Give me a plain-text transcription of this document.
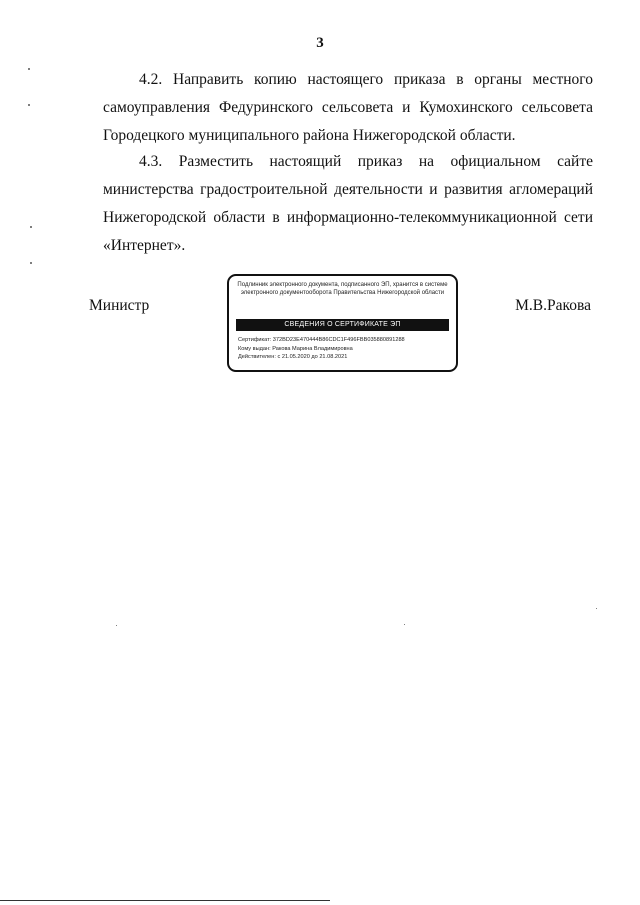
3

4.2. Направить копию настоящего приказа в органы местного самоуправления Федуринского сельсовета и Кумохинского сельсовета Городецкого муниципального района Нижегородской области.

4.3. Разместить настоящий приказ на официальном сайте министерства градостроительной деятельности и развития агломераций Нижегородской области в информационно-телекоммуникационной сети «Интернет».

Министр
Подлинник электронного документа, подписанного ЭП, хранится в системе электронного документооборота Правительства Нижегородской области
СВЕДЕНИЯ О СЕРТИФИКАТЕ ЭП
Сертификат: 372BD23E470444B86CDC1F496FBB035880891288
Кому выдан: Ракова Марина Владимировна
Действителен: с 21.05.2020 до 21.08.2021
М.В.Ракова
